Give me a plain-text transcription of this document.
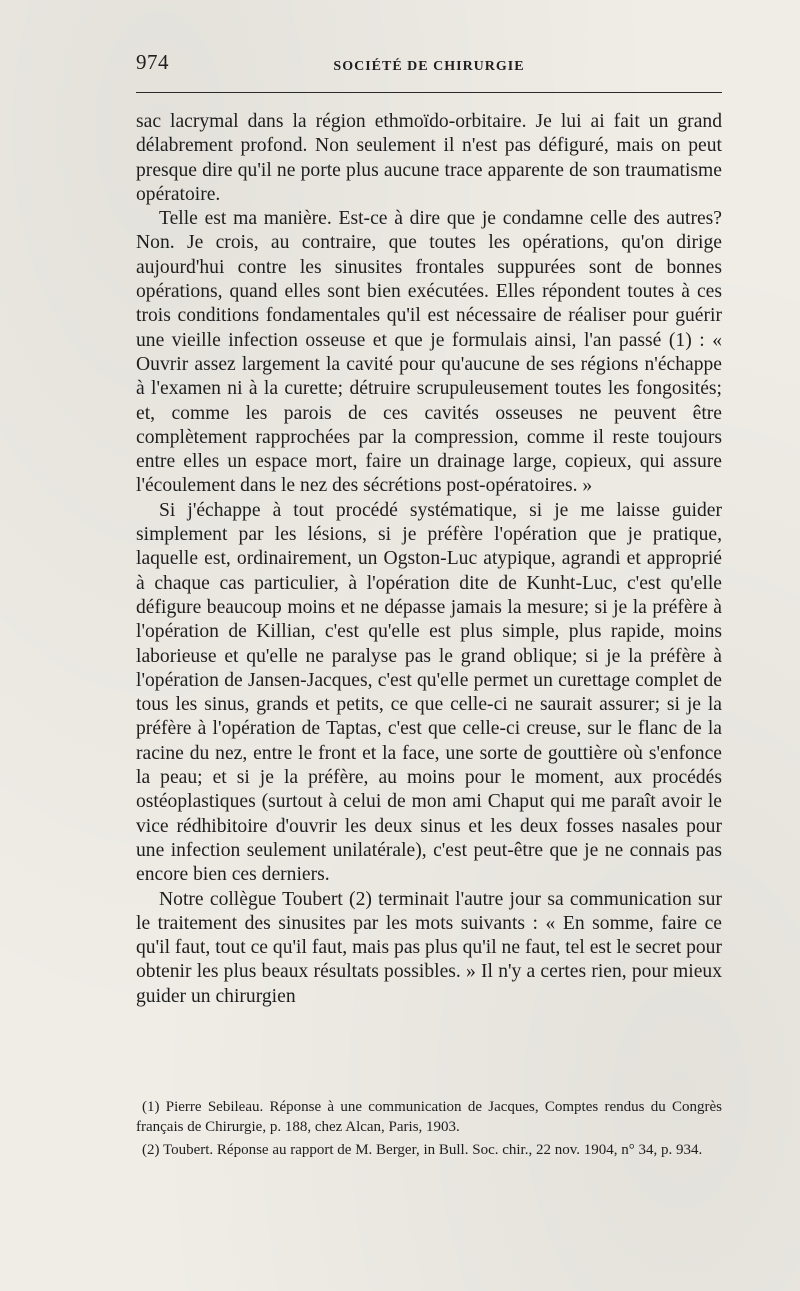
974	SOCIÉTÉ DE CHIRURGIE

sac lacrymal dans la région ethmoïdo-orbitaire. Je lui ai fait un grand délabrement profond. Non seulement il n'est pas défiguré, mais on peut presque dire qu'il ne porte plus aucune trace apparente de son traumatisme opératoire.

Telle est ma manière. Est-ce à dire que je condamne celle des autres? Non. Je crois, au contraire, que toutes les opérations, qu'on dirige aujourd'hui contre les sinusites frontales suppurées sont de bonnes opérations, quand elles sont bien exécutées. Elles répondent toutes à ces trois conditions fondamentales qu'il est nécessaire de réaliser pour guérir une vieille infection osseuse et que je formulais ainsi, l'an passé (1) : « Ouvrir assez largement la cavité pour qu'aucune de ses régions n'échappe à l'examen ni à la curette; détruire scrupuleusement toutes les fongosités; et, comme les parois de ces cavités osseuses ne peuvent être complètement rapprochées par la compression, comme il reste toujours entre elles un espace mort, faire un drainage large, copieux, qui assure l'écoulement dans le nez des sécrétions post-opératoires. »

Si j'échappe à tout procédé systématique, si je me laisse guider simplement par les lésions, si je préfère l'opération que je pratique, laquelle est, ordinairement, un Ogston-Luc atypique, agrandi et approprié à chaque cas particulier, à l'opération dite de Kunht-Luc, c'est qu'elle défigure beaucoup moins et ne dépasse jamais la mesure; si je la préfère à l'opération de Killian, c'est qu'elle est plus simple, plus rapide, moins laborieuse et qu'elle ne paralyse pas le grand oblique; si je la préfère à l'opération de Jansen-Jacques, c'est qu'elle permet un curettage complet de tous les sinus, grands et petits, ce que celle-ci ne saurait assurer; si je la préfère à l'opération de Taptas, c'est que celle-ci creuse, sur le flanc de la racine du nez, entre le front et la face, une sorte de gouttière où s'enfonce la peau; et si je la préfère, au moins pour le moment, aux procédés ostéoplastiques (surtout à celui de mon ami Chaput qui me paraît avoir le vice rédhibitoire d'ouvrir les deux sinus et les deux fosses nasales pour une infection seulement unilatérale), c'est peut-être que je ne connais pas encore bien ces derniers.

Notre collègue Toubert (2) terminait l'autre jour sa communication sur le traitement des sinusites par les mots suivants : « En somme, faire ce qu'il faut, tout ce qu'il faut, mais pas plus qu'il ne faut, tel est le secret pour obtenir les plus beaux résultats possibles. » Il n'y a certes rien, pour mieux guider un chirurgien

(1) Pierre Sebileau. Réponse à une communication de Jacques, Comptes rendus du Congrès français de Chirurgie, p. 188, chez Alcan, Paris, 1903.

(2) Toubert. Réponse au rapport de M. Berger, in Bull. Soc. chir., 22 nov. 1904, n° 34, p. 934.
